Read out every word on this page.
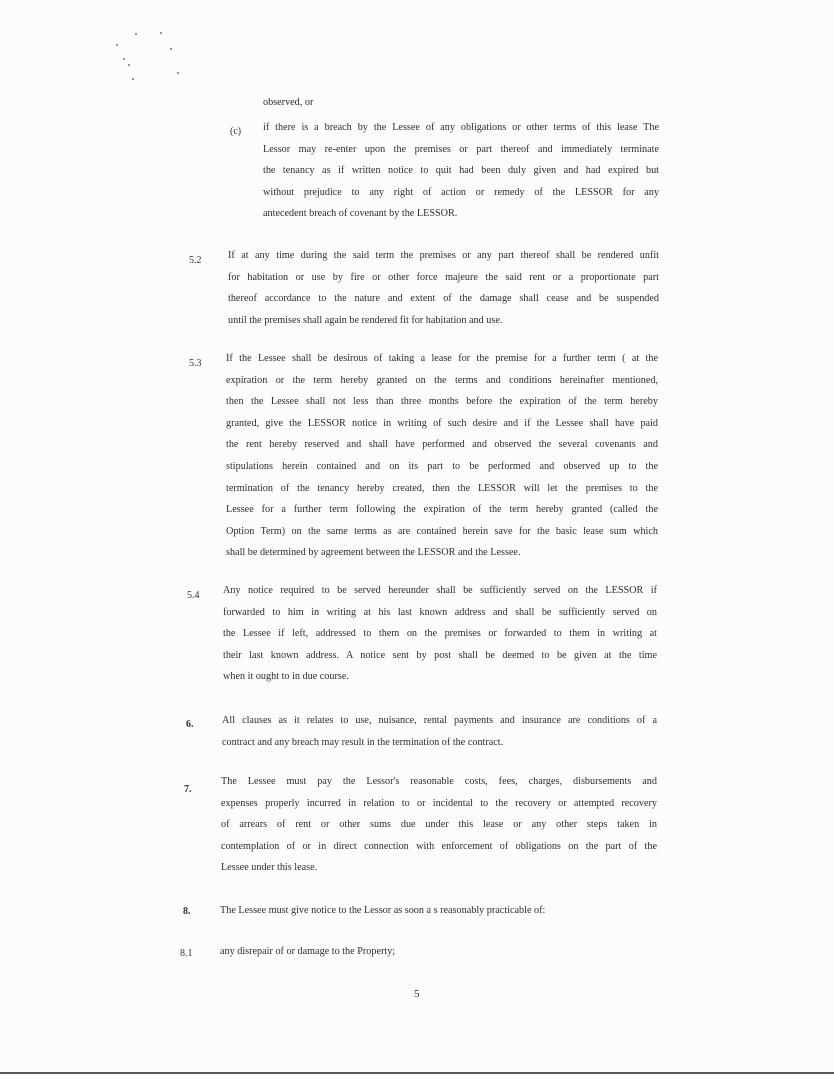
observed, or
(c) if there is a breach by the Lessee of any obligations or other terms of this lease The
Lessor may re-enter upon the premises or part thereof and immediately terminate
the tenancy as if written notice to quit had been duly given and had expired but
without prejudice to any right of action or remedy of the LESSOR for any
antecedent breach of covenant by the LESSOR.
5.2	If at any time during the said term the premises or any part thereof shall be rendered unfit
for habitation or use by fire or other force majeure the said rent or a proportionate part
thereof accordance to the nature and extent of the damage shall cease and be suspended
until the premises shall again be rendered fit for habitation and use.
5.3 If the Lessee shall be desirous of taking a lease for the premise for a further term ( at the
expiration or the term hereby granted on the terms and conditions hereinafter mentioned,
then the Lessee shall not less than three months before the expiration of the term hereby
granted, give the LESSOR notice in writing of such desire and if the Lessee shall have paid
the rent hereby reserved and shall have performed and observed the several covenants and
stipulations herein contained and on its part to be performed and observed up to the
termination of the tenancy hereby created, then the LESSOR will let the premises to the
Lessee for a further term following the expiration of the term hereby granted (called the
Option Term) on the same terms as are contained herein save for the basic lease sum which
shall be determined by agreement between the LESSOR and the Lessee.
5.4 Any notice required to be served hereunder shall be sufficiently served on the LESSOR if
forwarded to him in writing at his last known address and shall be sufficiently served on
the Lessee if left, addressed to them on the premises or forwarded to them in writing at
their last known address. A notice sent by post shall be deemed to be given at the time
when it ought to in due course.
6.	All clauses as it relates to use, nuisance, rental payments and insurance are conditions of a
contract and any breach may result in the termination of the contract.
7.
The Lessee must pay the Lessor's reasonable costs, fees, charges, disbursements and
expenses properly incurred in relation to or incidental to the recovery or attempted recovery
of arrears of rent or other sums due under this lease or any other steps taken in
contemplation of or in direct connection with enforcement of obligations on the part of the
Lessee under this lease.
8.	The Lessee must give notice to the Lessor as soon a s reasonably practicable of:
8.1	any disrepair of or damage to the Property;
5
